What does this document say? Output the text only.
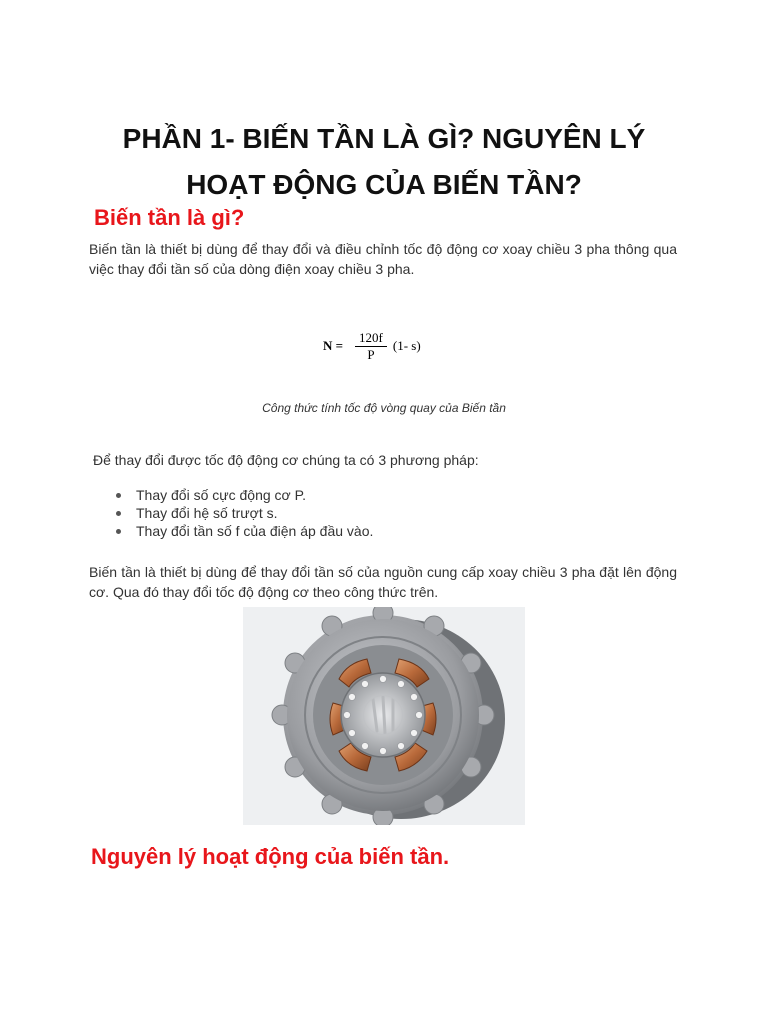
PHẦN 1- BIẾN TẦN LÀ GÌ? NGUYÊN LÝ
HOẠT ĐỘNG CỦA BIẾN TẦN?
Biến tần là gì?

Biến tần là thiết bị dùng để thay đổi và điều chỉnh tốc độ động cơ xoay chiều 3 pha thông qua việc thay đổi tần số của dòng điện xoay chiều 3 pha.

$N = \frac{120f}{P} (1-$ s)

Công thức tính tốc độ vòng quay của Biến tần

Để thay đổi được tốc độ động cơ chúng ta có 3 phương pháp:

Thay đổi số cực động cơ P.
Thay đổi hệ số trượt s.
Thay đổi tần số f của điện áp đầu vào.

Biến tần là thiết bị dùng để thay đổi tần số của nguồn cung cấp xoay chiều 3 pha đặt lên động cơ. Qua đó thay đổi tốc độ động cơ theo công thức trên.

Nguyên lý hoạt động của biến tần.
